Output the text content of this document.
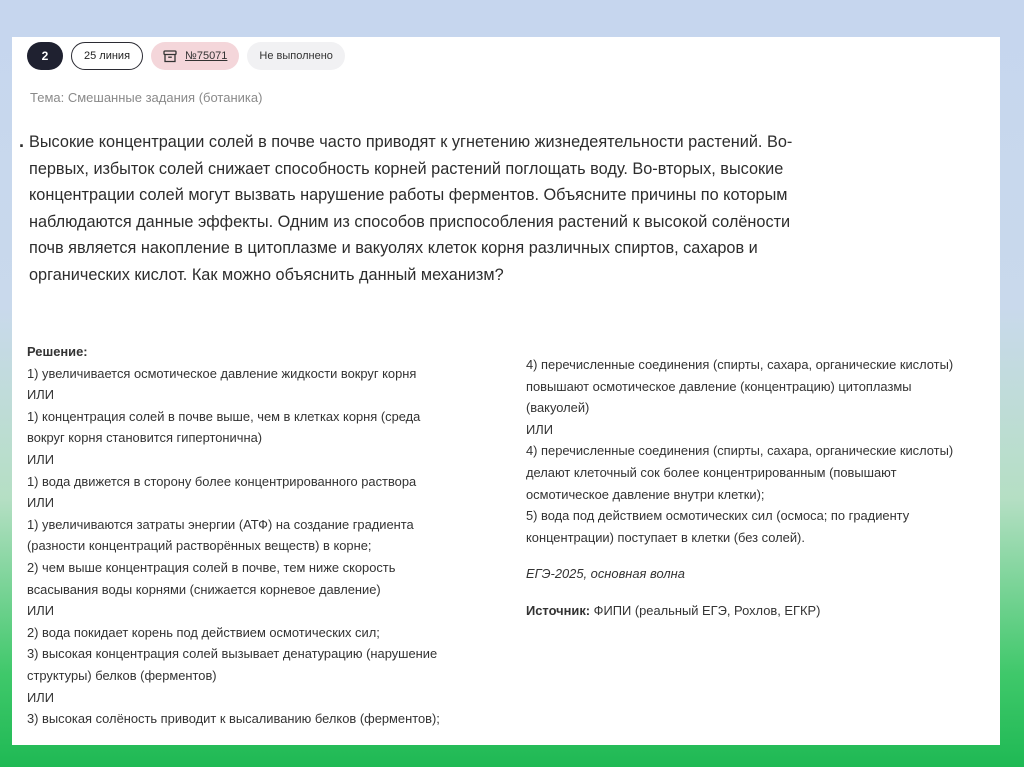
2	25 линия	№75071	Не выполнено
Тема: Смешанные задания (ботаника)
. Высокие концентрации солей в почве часто приводят к угнетению жизнедеятельности растений. Во-первых, избыток солей снижает способность корней растений поглощать воду. Во-вторых, высокие концентрации солей могут вызвать нарушение работы ферментов. Объясните причины по которым наблюдаются данные эффекты. Одним из способов приспособления растений к высокой солёности почв является накопление в цитоплазме и вакуолях клеток корня различных спиртов, сахаров и органических кислот. Как можно объяснить данный механизм?
Решение:
1) увеличивается осмотическое давление жидкости вокруг корня
ИЛИ
1) концентрация солей в почве выше, чем в клетках корня (среда
вокруг корня становится гипертонична)
ИЛИ
1) вода движется в сторону более концентрированного раствора
ИЛИ
1) увеличиваются затраты энергии (АТФ) на создание градиента
(разности концентраций растворённых веществ) в корне;
2) чем выше концентрация солей в почве, тем ниже скорость
всасывания воды корнями (снижается корневое давление)
ИЛИ
2) вода покидает корень под действием осмотических сил;
3) высокая концентрация солей вызывает денатурацию (нарушение
структуры) белков (ферментов)
ИЛИ
3) высокая солёность приводит к высаливанию белков (ферментов);
4) перечисленные соединения (спирты, сахара, органические кислоты)
повышают осмотическое давление (концентрацию) цитоплазмы
(вакуолей)
ИЛИ
4) перечисленные соединения (спирты, сахара, органические кислоты)
делают клеточный сок более концентрированным (повышают
осмотическое давление внутри клетки);
5) вода под действием осмотических сил (осмоса; по градиенту
концентрации) поступает в клетки (без солей).
ЕГЭ-2025, основная волна
Источник: ФИПИ (реальный ЕГЭ, Рохлов, ЕГКР)
